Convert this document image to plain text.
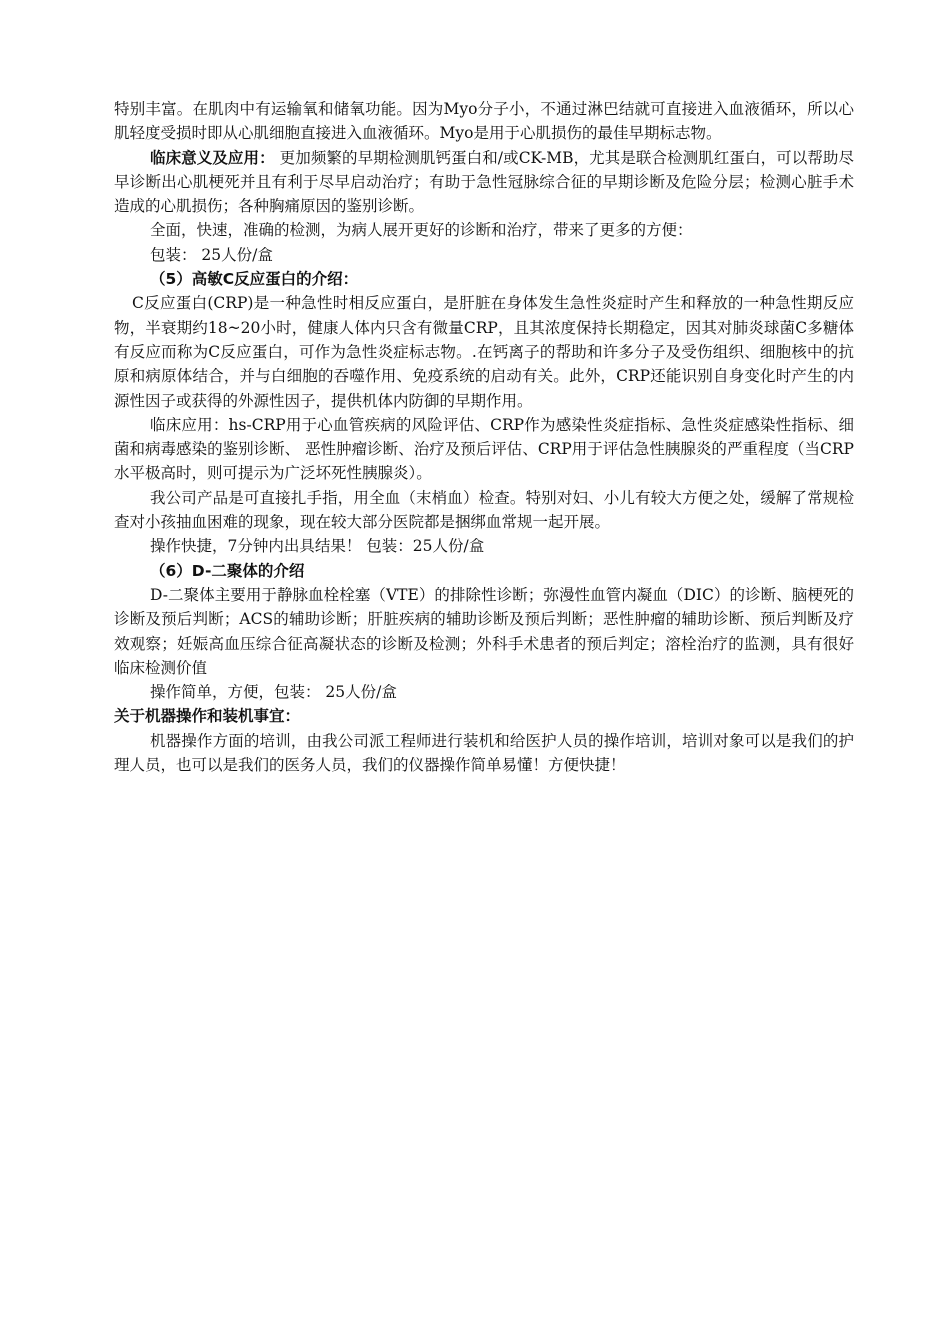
特别丰富。在肌肉中有运输氧和储氧功能。因为Myo分子小，不通过淋巴结就可直接进入血液循环，所以心肌轻度受损时即从心肌细胞直接进入血液循环。Myo是用于心肌损伤的最佳早期标志物。

临床意义及应用： 更加频繁的早期检测肌钙蛋白和/或CK-MB，尤其是联合检测肌红蛋白，可以帮助尽早诊断出心肌梗死并且有利于尽早启动治疗；有助于急性冠脉综合征的早期诊断及危险分层；检测心脏手术造成的心肌损伤；各种胸痛原因的鉴别诊断。

全面，快速，准确的检测，为病人展开更好的诊断和治疗，带来了更多的方便：

包装： 25人份/盒

（5）高敏C反应蛋白的介绍：

C反应蛋白(CRP)是一种急性时相反应蛋白，是肝脏在身体发生急性炎症时产生和释放的一种急性期反应物，半衰期约18~20小时，健康人体内只含有微量CRP，且其浓度保持长期稳定，因其对肺炎球菌C多糖体有反应而称为C反应蛋白，可作为急性炎症标志物。.在钙离子的帮助和许多分子及受伤组织、细胞核中的抗原和病原体结合，并与白细胞的吞噬作用、免疫系统的启动有关。此外，CRP还能识别自身变化时产生的内源性因子或获得的外源性因子，提供机体内防御的早期作用。

临床应用：hs-CRP用于心血管疾病的风险评估、CRP作为感染性炎症指标、急性炎症感染性指标、细菌和病毒感染的鉴别诊断、 恶性肿瘤诊断、治疗及预后评估、CRP用于评估急性胰腺炎的严重程度（当CRP水平极高时，则可提示为广泛坏死性胰腺炎）。

我公司产品是可直接扎手指，用全血（末梢血）检查。特别对妇、小儿有较大方便之处，缓解了常规检查对小孩抽血困难的现象，现在较大部分医院都是捆绑血常规一起开展。

操作快捷，7分钟内出具结果！ 包装：25人份/盒

（6）D-二聚体的介绍

D-二聚体主要用于静脉血栓栓塞（VTE）的排除性诊断；弥漫性血管内凝血（DIC）的诊断、脑梗死的诊断及预后判断；ACS的辅助诊断；肝脏疾病的辅助诊断及预后判断；恶性肿瘤的辅助诊断、预后判断及疗效观察；妊娠高血压综合征高凝状态的诊断及检测；外科手术患者的预后判定；溶栓治疗的监测，具有很好临床检测价值

操作简单，方便，包装： 25人份/盒

关于机器操作和装机事宜：

机器操作方面的培训，由我公司派工程师进行装机和给医护人员的操作培训，培训对象可以是我们的护理人员，也可以是我们的医务人员，我们的仪器操作简单易懂！方便快捷！
